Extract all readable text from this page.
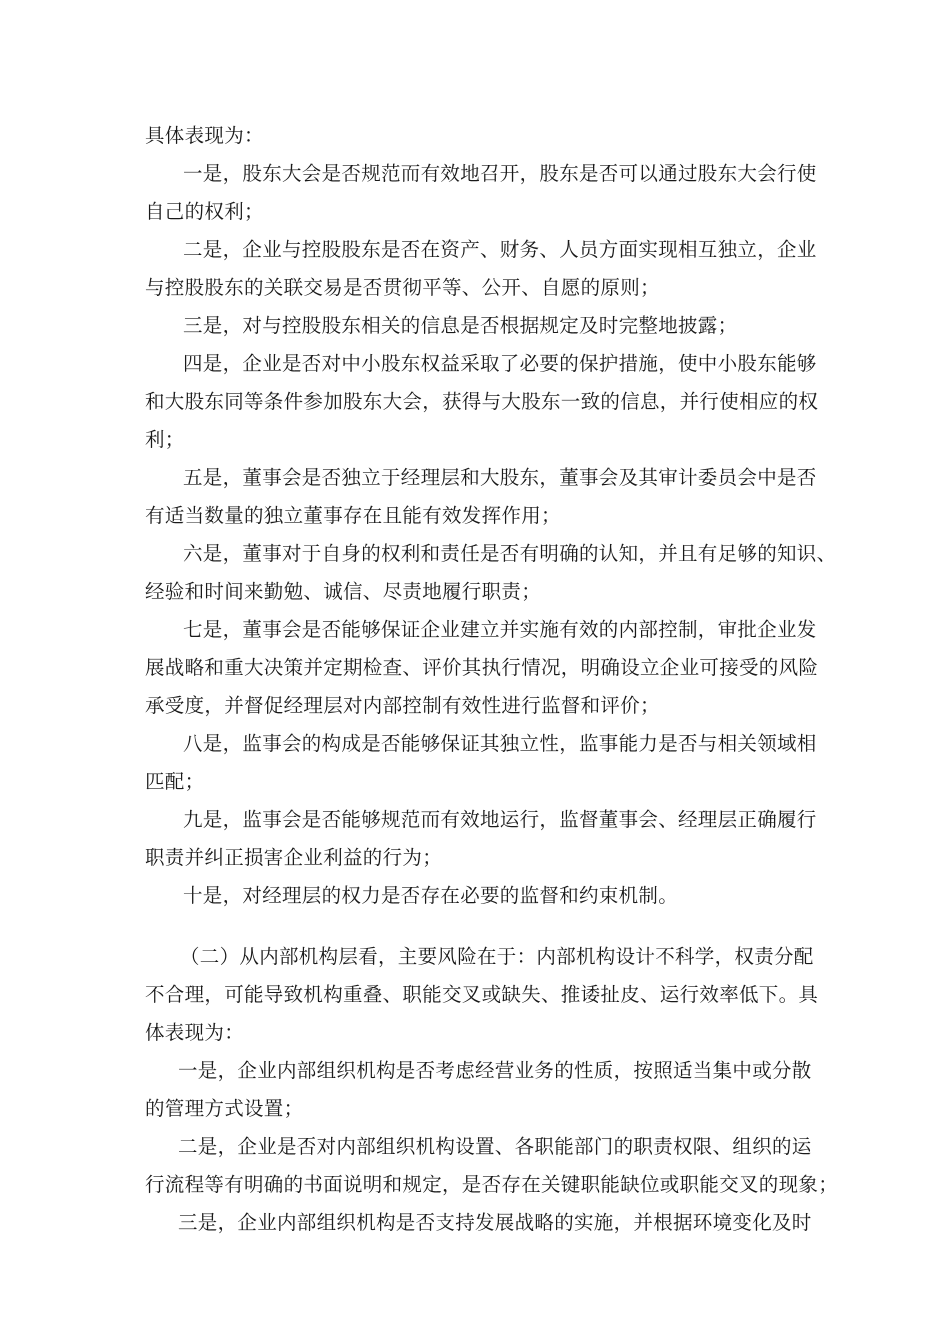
具体表现为：
一是，股东大会是否规范而有效地召开，股东是否可以通过股东大会行使
自己的权利；
二是，企业与控股股东是否在资产、财务、人员方面实现相互独立，企业
与控股股东的关联交易是否贯彻平等、公开、自愿的原则；
三是，对与控股股东相关的信息是否根据规定及时完整地披露；
四是，企业是否对中小股东权益采取了必要的保护措施，使中小股东能够
和大股东同等条件参加股东大会，获得与大股东一致的信息，并行使相应的权
利；
五是，董事会是否独立于经理层和大股东，董事会及其审计委员会中是否
有适当数量的独立董事存在且能有效发挥作用；
六是，董事对于自身的权利和责任是否有明确的认知，并且有足够的知识、
经验和时间来勤勉、诚信、尽责地履行职责；
七是，董事会是否能够保证企业建立并实施有效的内部控制，审批企业发
展战略和重大决策并定期检查、评价其执行情况，明确设立企业可接受的风险
承受度，并督促经理层对内部控制有效性进行监督和评价；
八是，监事会的构成是否能够保证其独立性，监事能力是否与相关领域相
匹配；
九是，监事会是否能够规范而有效地运行，监督董事会、经理层正确履行
职责并纠正损害企业利益的行为；
十是，对经理层的权力是否存在必要的监督和约束机制。
（二）从内部机构层看，主要风险在于：内部机构设计不科学，权责分配
不合理，可能导致机构重叠、职能交叉或缺失、推诿扯皮、运行效率低下。具
体表现为：
一是，企业内部组织机构是否考虑经营业务的性质，按照适当集中或分散
的管理方式设置；
二是，企业是否对内部组织机构设置、各职能部门的职责权限、组织的运
行流程等有明确的书面说明和规定，是否存在关键职能缺位或职能交叉的现象；
三是，企业内部组织机构是否支持发展战略的实施，并根据环境变化及时
